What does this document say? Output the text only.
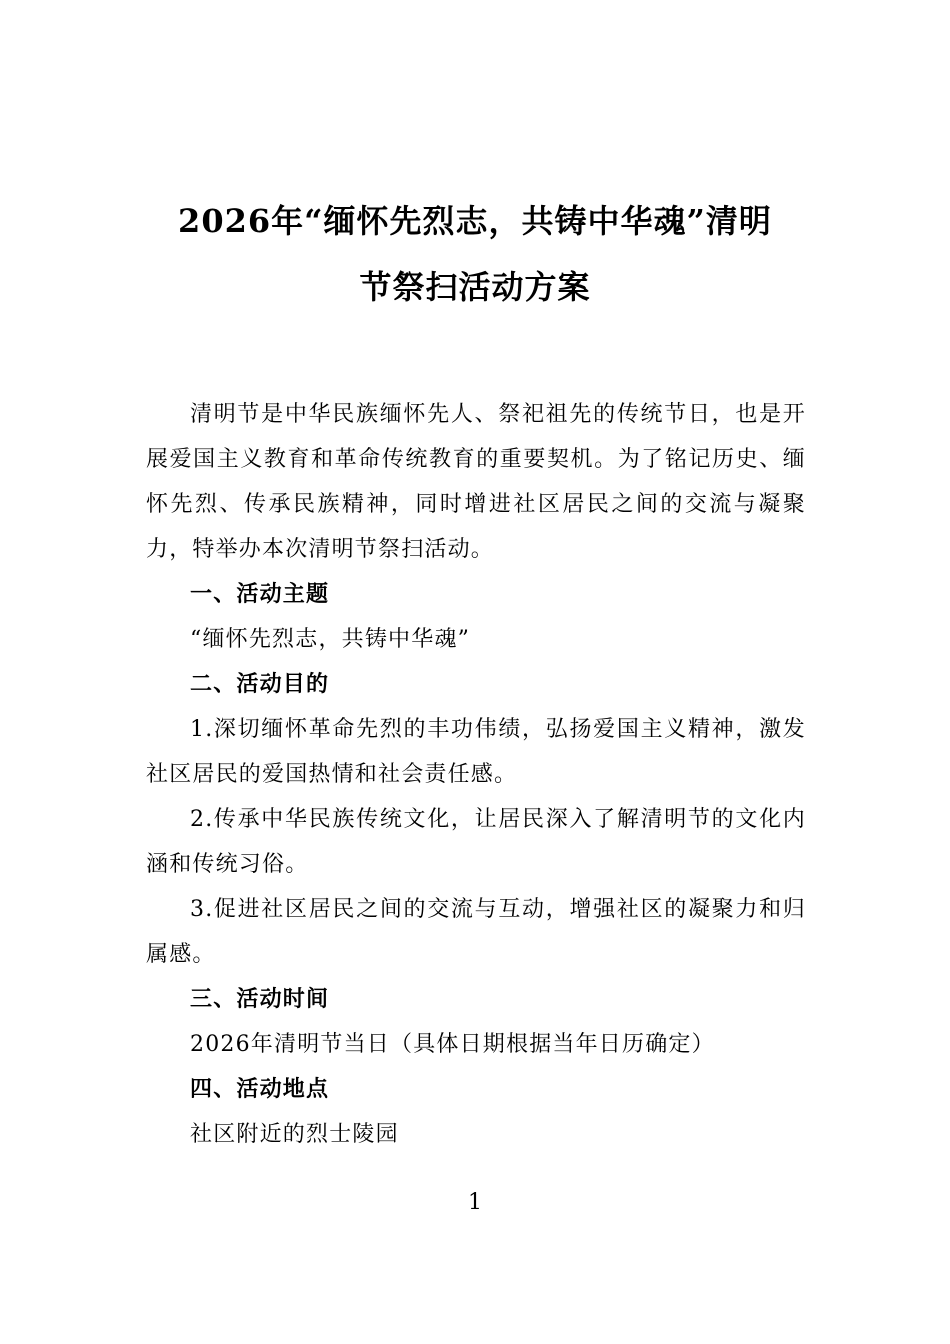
2026年“缅怀先烈志，共铸中华魂”清明
节祭扫活动方案

清明节是中华民族缅怀先人、祭祀祖先的传统节日，也是开展爱国主义教育和革命传统教育的重要契机。为了铭记历史、缅怀先烈、传承民族精神，同时增进社区居民之间的交流与凝聚力，特举办本次清明节祭扫活动。

一、活动主题

“缅怀先烈志，共铸中华魂”

二、活动目的

1.深切缅怀革命先烈的丰功伟绩，弘扬爱国主义精神，激发社区居民的爱国热情和社会责任感。

2.传承中华民族传统文化，让居民深入了解清明节的文化内涵和传统习俗。

3.促进社区居民之间的交流与互动，增强社区的凝聚力和归属感。

三、活动时间

2026年清明节当日（具体日期根据当年日历确定）

四、活动地点

社区附近的烈士陵园

1
